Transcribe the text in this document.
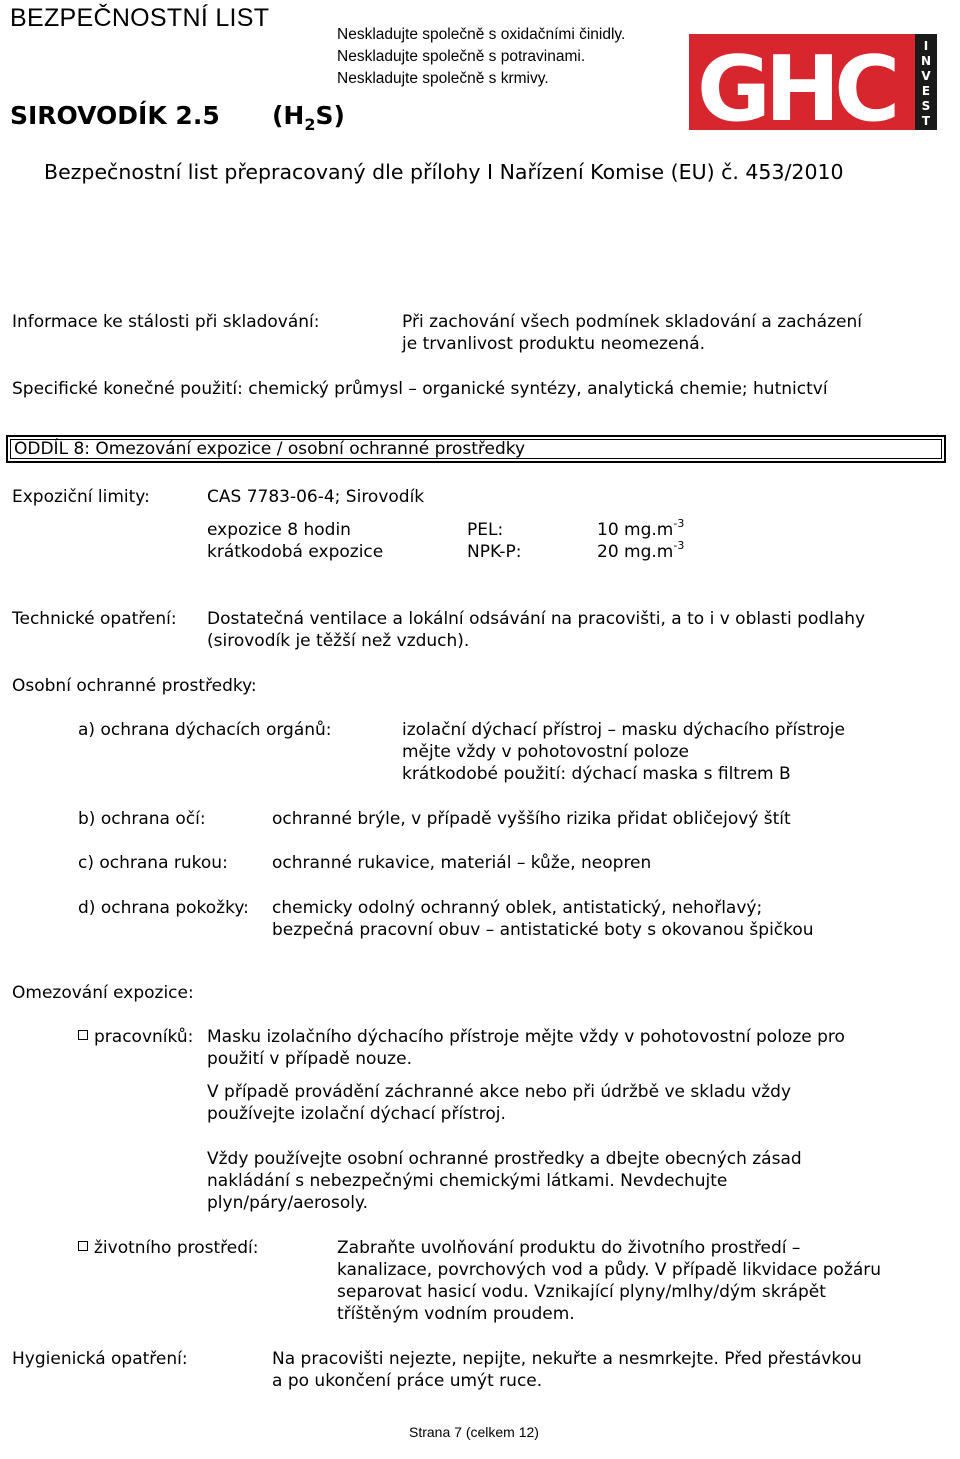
BEZPEČNOSTNÍ LIST
SIROVODÍK 2.5 $(H_2S)$
Bezpečnostní list přepracovaný dle přílohy I Nařízení Komise (EU) č. 453/2010
GHC I
N
V
E
S
T
Neskladujte společně s oxidačními činidly.
Neskladujte společně s potravinami.
Neskladujte společně s krmivy.
Informace ke stálosti při skladování:	Při zachování všech podmínek skladování a zacházení
je trvanlivost produktu neomezená.
Specifické konečné použití: chemický průmysl – organické syntézy, analytická chemie; hutnictví
ODDÍL 8: Omezování expozice / osobní ochranné prostředky
Expoziční limity:	CAS 7783-06-4; Sirovodík
expozice 8 hodin	PEL:	10 $mg.m^{-3}$
krátkodobá expozice	NPK-P:	20 $mg.m^{-3}$
Technické opatření: Dostatečná ventilace a lokální odsávání na pracovišti, a to i v oblasti podlahy
(sirovodík je těžší než vzduch).
Osobní ochranné prostředky:
a) ochrana dýchacích orgánů:	izolační dýchací přístroj – masku dýchacího přístroje
mějte vždy v pohotovostní poloze
krátkodobé použití: dýchací maska s filtrem B
b) ochrana očí:	ochranné brýle, v případě vyššího rizika přidat obličejový štít
c) ochrana rukou:	ochranné rukavice, materiál – kůže, neopren
d) ochrana pokožky: chemicky odolný ochranný oblek, antistatický, nehořlavý;
bezpečná pracovní obuv – antistatické boty s okovanou špičkou
Omezování expozice:
pracovníků: Masku izolačního dýchacího přístroje mějte vždy v pohotovostní poloze pro
použití v případě nouze.
V případě provádění záchranné akce nebo při údržbě ve skladu vždy
používejte izolační dýchací přístroj.
Vždy používejte osobní ochranné prostředky a dbejte obecných zásad
nakládání s nebezpečnými chemickými látkami. Nevdechujte
plyn/páry/aerosoly.
životního prostředí:	Zabraňte uvolňování produktu do životního prostředí –
kanalizace, povrchových vod a půdy. V případě likvidace požáru
separovat hasicí vodu. Vznikající plyny/mlhy/dým skrápět
tříštěným vodním proudem.
Hygienická opatření:	Na pracovišti nejezte, nepijte, nekuřte a nesmrkejte. Před přestávkou
a po ukončení práce umýt ruce.
Strana 7 (celkem 12)
